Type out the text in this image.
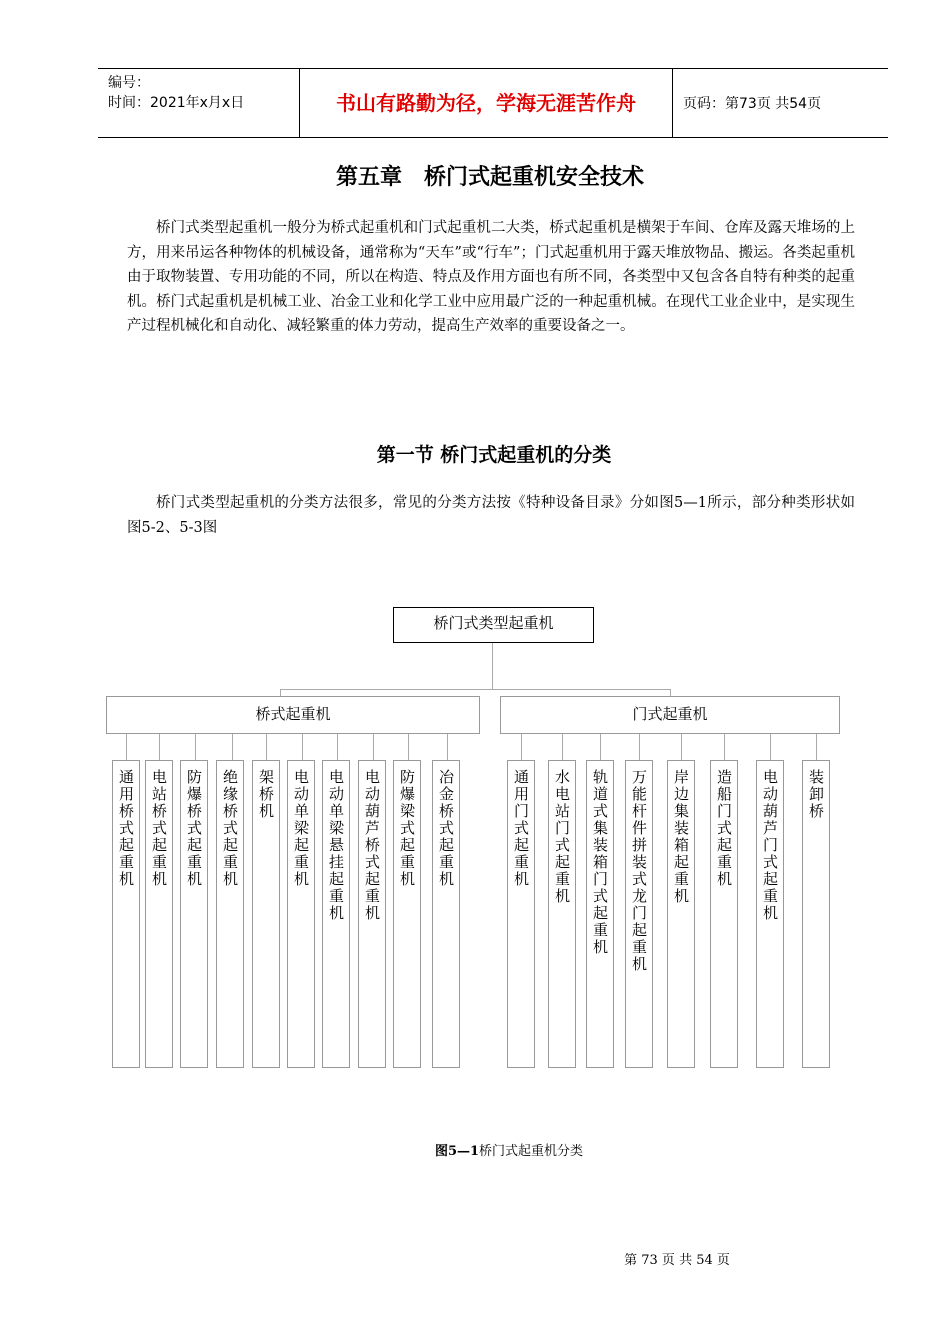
编号：
时间：2021年x月x日	书山有路勤为径，学海无涯苦作舟	页码：第73页 共54页
第五章　桥门式起重机安全技术
桥门式类型起重机一般分为桥式起重机和门式起重机二大类，桥式起重机是横架于车间、仓库及露天堆场的上方，用来吊运各种物体的机械设备，通常称为“天车”或“行车”；门式起重机用于露天堆放物品、搬运。各类起重机由于取物装置、专用功能的不同，所以在构造、特点及作用方面也有所不同，各类型中又包含各自特有种类的起重机。桥门式起重机是机械工业、冶金工业和化学工业中应用最广泛的一种起重机械。在现代工业企业中，是实现生产过程机械化和自动化、减轻繁重的体力劳动，提高生产效率的重要设备之一。
第一节 桥门式起重机的分类
桥门式类型起重机的分类方法很多，常见的分类方法按《特种设备目录》分如图5—1所示，部分种类形状如图5-2、5-3图
桥门式类型起重机
桥式起重机	门式起重机
通用桥式起重机	电站桥式起重机	防爆桥式起重机	绝缘桥式起重机	架桥机	电动单梁起重机	电动单梁悬挂起重机	电动葫芦桥式起重机	防爆梁式起重机	冶金桥式起重机	通用门式起重机	水电站门式起重机	轨道式集装箱门式起重机	万能杆件拼装式龙门起重机	岸边集装箱起重机	造船门式起重机	电动葫芦门式起重机	装卸桥
图5—1桥门式起重机分类
第 73 页 共 54 页
